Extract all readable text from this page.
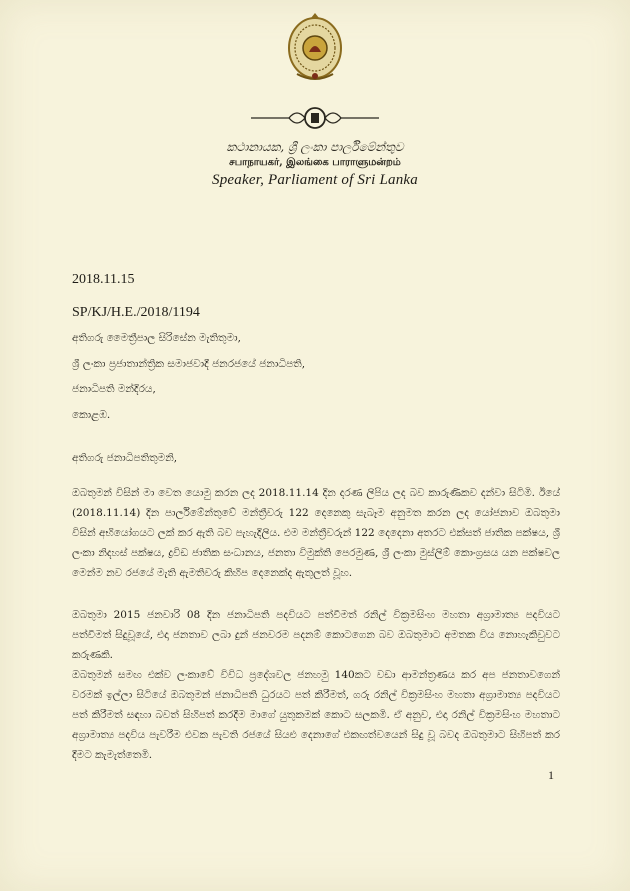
කථානායක, ශ්‍රී ලංකා පාර්ලිමේන්තුව

சபாநாயகர், இலங்கை பாராளுமன்றம்

Speaker, Parliament of Sri Lanka

2018.11.15
SP/KJ/H.E./2018/1194
අතිගරු මෛත්‍රීපාල සිරිසේන මැතිතුමා,
ශ්‍රී ලංකා ප්‍රජාතාන්ත්‍රික සමාජවාදී ජනරජයේ ජනාධිපති,
ජනාධිපති මන්දිරය,
කොළඹ.
අතිගරු ජනාධිපතිතුමනි,

ඔබතුමන් විසින් මා වෙත යොමු කරන ලද 2018.11.14 දින දරණ ලිපිය ලද බව කාරුණිකව දන්වා සිටිමි. ඊයේ (2018.11.14) දින පාර්ලිමේන්තුවේ මන්ත්‍රීවරු 122 දෙනෙකු සැබෑම අනුමත කරන ලද යෝජනාව ඔබතුමා විසින් අභියෝගයට ලක් කර ඇති බව පැහැදිලිය. එම මන්ත්‍රීවරුන් 122 දෙදෙනා අතරට එක්සත් ජාතික පක්ෂය, ශ්‍රී ලංකා නිදහස් පක්ෂය, ද්‍රවිඩ ජාතික සංධානය, ජනතා විමුක්ති පෙරමුණ, ශ්‍රී ලංකා මුස්ලිම් කොංග්‍රසය යන පක්ෂවල මෙන්ම නව රජයේ මැති ඇමතිවරු කිහිප දෙනෙක්ද ඇතුලත් වූහ.

ඔබතුමා 2015 ජනවාරි 08 දින ජනාධිපති පදවියට පත්වීමත් රනිල් වික්‍රමසිංහ මහතා අග්‍රාමාත්‍ය පදවියට පත්වීමත් සිදුවූයේ, එදා ජනතාව ලබා දුන් ජනවරම පදනම් කොටගෙන බව ඔබතුමාට අමතක විය නොහැකිවුවට කරුණකි.

ඔබතුමන් සමඟ එක්ව ලංකාවේ විවිධ ප්‍රදේශවල ජනහමු 140කට වඩා ආමන්ත්‍රණය කර අප ජනතාවගෙන් වරමක් ඉල්ලා සිටියේ ඔබතුමන් ජනාධිපති ධුරයට පත් කිරීමත්, ගරු රනිල් වික්‍රමසිංහ මහතා අග්‍රාමාත්‍ය පදවියට පත් කිරීමත් සඳහා බවත් සිහිපත් කරදීම මාගේ යුතුකමක් කොට සලකමි. ඒ අනුව, එදා රනිල් වික්‍රමසිංහ මහතාට අග්‍රාමාත්‍ය පදවිය පැවරීම එවක පැවති රජයේ සියළු දෙනාගේ එකඟත්වයෙන් සිදු වූ බවද ඔබතුමාට සිහිපත් කර දීමට කැමැත්තෙමි.

1
